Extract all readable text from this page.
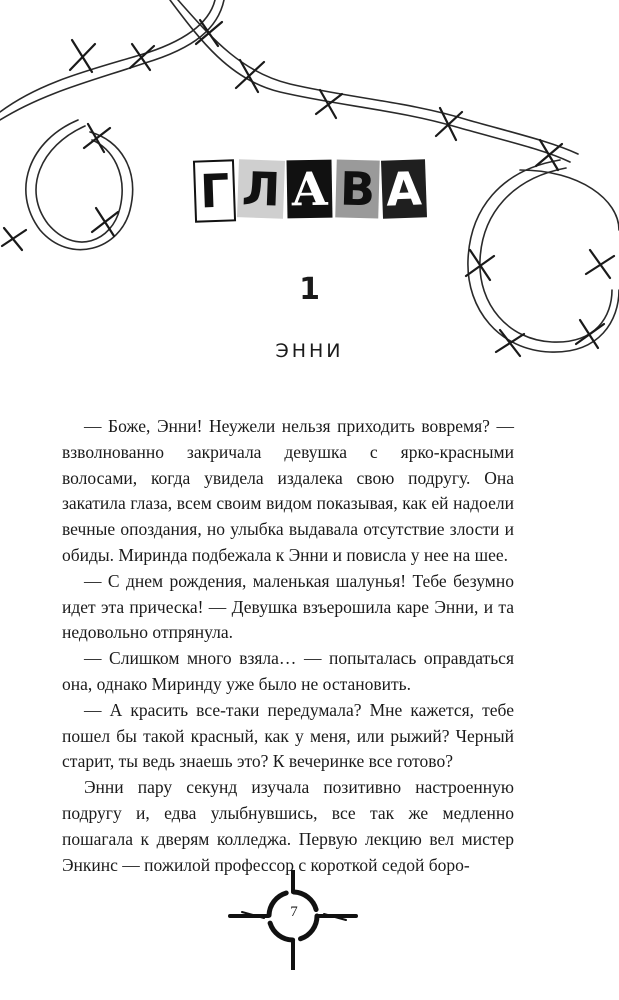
Г Л А В А
1
ЭННИ

— Боже, Энни! Неужели нельзя приходить вовремя? — взволнованно закричала девушка с ярко-красными волосами, когда увидела издалека свою подругу. Она закатила глаза, всем своим видом показывая, как ей надоели вечные опоздания, но улыбка выдавала отсутствие злости и обиды. Миринда подбежала к Энни и повисла у нее на шее.

— С днем рождения, маленькая шалунья! Тебе безумно идет эта прическа! — Девушка взъерошила каре Энни, и та недовольно отпрянула.

— Слишком много взяла… — попыталась оправдаться она, однако Миринду уже было не остановить.

— А красить все-таки передумала? Мне кажется, тебе пошел бы такой красный, как у меня, или рыжий? Черный старит, ты ведь знаешь это? К вечеринке все готово?

Энни пару секунд изучала позитивно настроенную подругу и, едва улыбнувшись, все так же медленно пошагала к дверям колледжа. Первую лекцию вел мистер Энкинс — пожилой профессор с короткой седой боро-

7
